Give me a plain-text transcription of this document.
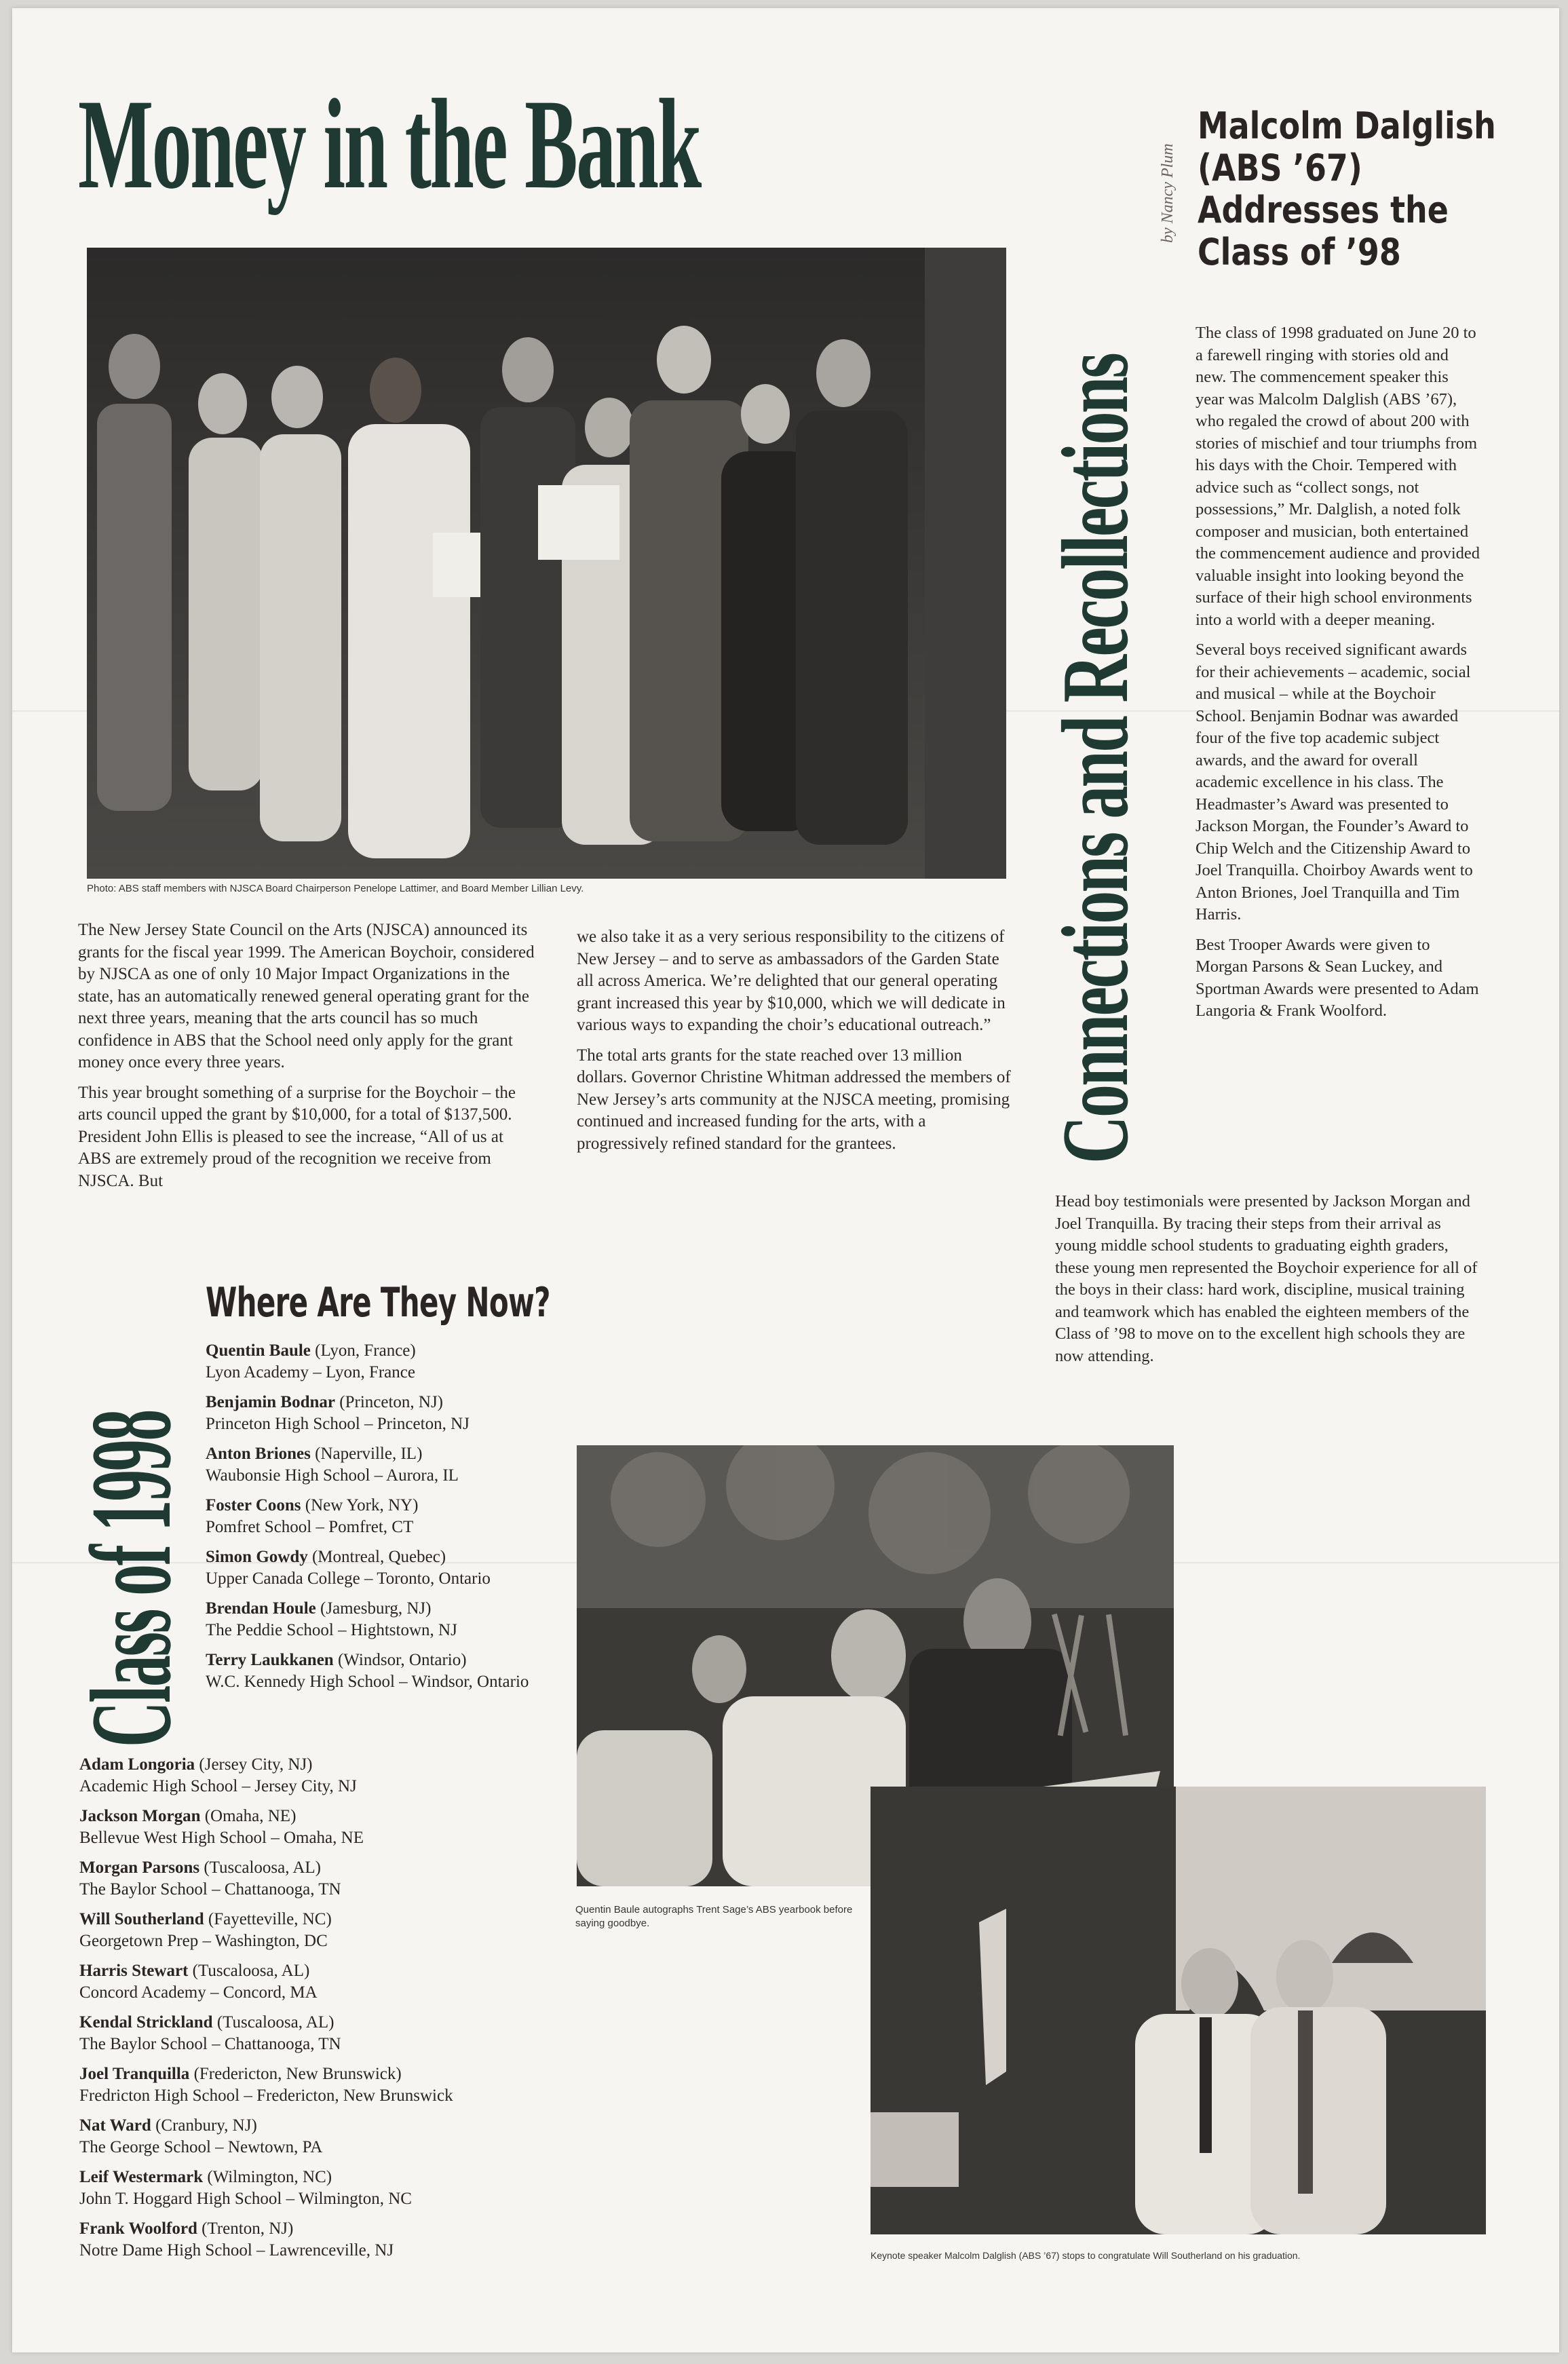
Money in the Bank
Photo: ABS staff members with NJSCA Board Chairperson Penelope Lattimer, and Board Member Lillian Levy.

The New Jersey State Council on the Arts (NJSCA) announced its grants for the fiscal year 1999. The American Boychoir, considered by NJSCA as one of only 10 Major Impact Organizations in the state, has an automatically renewed general operating grant for the next three years, meaning that the arts council has so much confidence in ABS that the School need only apply for the grant money once every three years.

This year brought something of a surprise for the Boychoir – the arts council upped the grant by $10,000, for a total of $137,500. President John Ellis is pleased to see the increase, “All of us at ABS are extremely proud of the recognition we receive from NJSCA. But

we also take it as a very serious responsibility to the citizens of New Jersey – and to serve as ambassadors of the Garden State all across America. We’re delighted that our general operating grant increased this year by $10,000, which we will dedicate in various ways to expanding the choir’s educational outreach.”

The total arts grants for the state reached over 13 million dollars. Governor Christine Whitman addressed the members of New Jersey’s arts community at the NJSCA meeting, promising continued and increased funding for the arts, with a progressively refined standard for the grantees.	Connections and Recollections
by Nancy Plum
Malcolm Dalglish (ABS ’67) Addresses the Class of ’98

The class of 1998 graduated on June 20 to a farewell ringing with stories old and new. The commencement speaker this year was Malcolm Dalglish (ABS ’67), who regaled the crowd of about 200 with stories of mischief and tour triumphs from his days with the Choir. Tempered with advice such as “collect songs, not possessions,” Mr. Dalglish, a noted folk composer and musician, both entertained the commencement audience and provided valuable insight into looking beyond the surface of their high school environments into a world with a deeper meaning.

Several boys received significant awards for their achievements – academic, social and musical – while at the Boychoir School. Benjamin Bodnar was awarded four of the five top academic subject awards, and the award for overall academic excellence in his class. The Headmaster’s Award was presented to Jackson Morgan, the Founder’s Award to Chip Welch and the Citizenship Award to Joel Tranquilla. Choirboy Awards went to Anton Briones, Joel Tranquilla and Tim Harris.

Best Trooper Awards were given to Morgan Parsons & Sean Luckey, and Sportman Awards were presented to Adam Langoria & Frank Woolford.

Head boy testimonials were presented by Jackson Morgan and Joel Tranquilla. By tracing their steps from their arrival as young middle school students to graduating eighth graders, these young men represented the Boychoir experience for all of the boys in their class: hard work, discipline, musical training and teamwork which has enabled the eighteen members of the Class of ’98 to move on to the excellent high schools they are now attending.

Class of 1998
Where Are They Now?
Quentin Baule (Lyon, France)
Lyon Academy – Lyon, France
Benjamin Bodnar (Princeton, NJ)
Princeton High School – Princeton, NJ
Anton Briones (Naperville, IL)
Waubonsie High School – Aurora, IL
Foster Coons (New York, NY)
Pomfret School – Pomfret, CT
Simon Gowdy (Montreal, Quebec)
Upper Canada College – Toronto, Ontario
Brendan Houle (Jamesburg, NJ)
The Peddie School – Hightstown, NJ
Terry Laukkanen (Windsor, Ontario)
W.C. Kennedy High School – Windsor, Ontario
Adam Longoria (Jersey City, NJ)
Academic High School – Jersey City, NJ
Jackson Morgan (Omaha, NE)
Bellevue West High School – Omaha, NE
Morgan Parsons (Tuscaloosa, AL)
The Baylor School – Chattanooga, TN
Will Southerland (Fayetteville, NC)
Georgetown Prep – Washington, DC
Harris Stewart (Tuscaloosa, AL)
Concord Academy – Concord, MA
Kendal Strickland (Tuscaloosa, AL)
The Baylor School – Chattanooga, TN
Joel Tranquilla (Fredericton, New Brunswick)
Fredricton High School – Fredericton, New Brunswick
Nat Ward (Cranbury, NJ)
The George School – Newtown, PA
Leif Westermark (Wilmington, NC)
John T. Hoggard High School – Wilmington, NC
Frank Woolford (Trenton, NJ)
Notre Dame High School – Lawrenceville, NJ
Quentin Baule autographs Trent Sage’s ABS yearbook before saying goodbye.
Keynote speaker Malcolm Dalglish (ABS ’67) stops to congratulate Will Southerland on his graduation.
